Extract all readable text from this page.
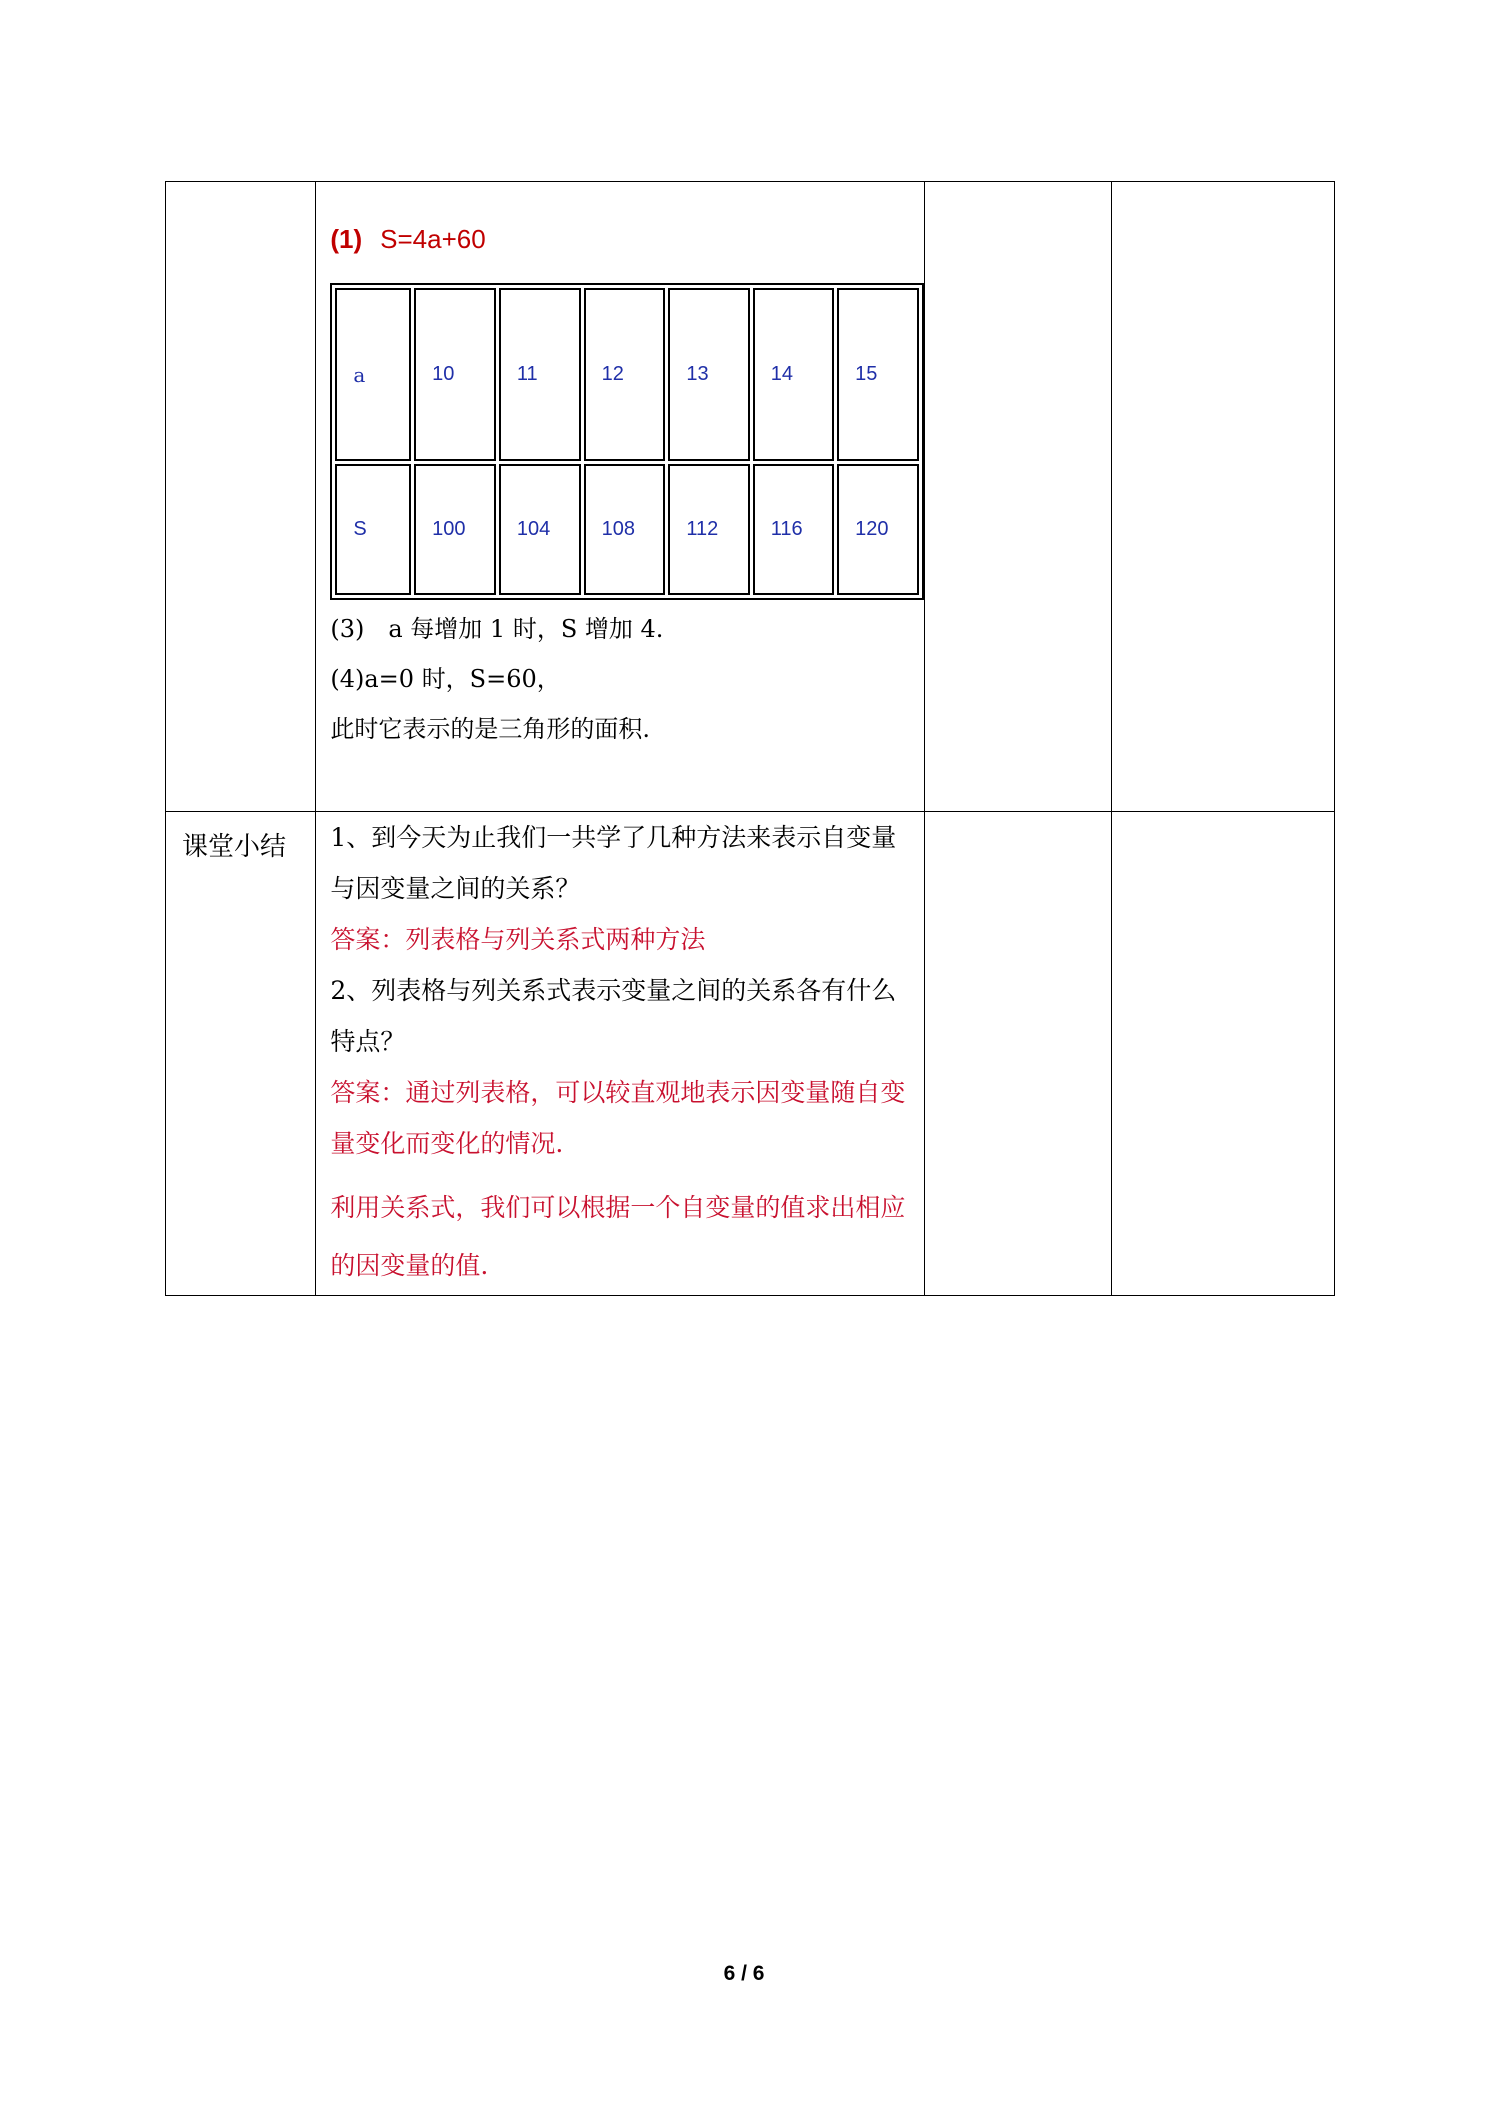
(1) S=4a+60
a	10	11	12	13	14	15
S	100	104	108	112	116	120
(3)　a 每增加 1 时，S 增加 4.
(4)a=0 时，S=60，
此时它表示的是三角形的面积.

课堂小结	1、到今天为止我们一共学了几种方法来表示自变量与因变量之间的关系？

答案：列表格与列关系式两种方法

2、列表格与列关系式表示变量之间的关系各有什么特点？

答案：通过列表格，可以较直观地表示因变量随自变量变化而变化的情况.

利用关系式，我们可以根据一个自变量的值求出相应的因变量的值.

6 / 6
